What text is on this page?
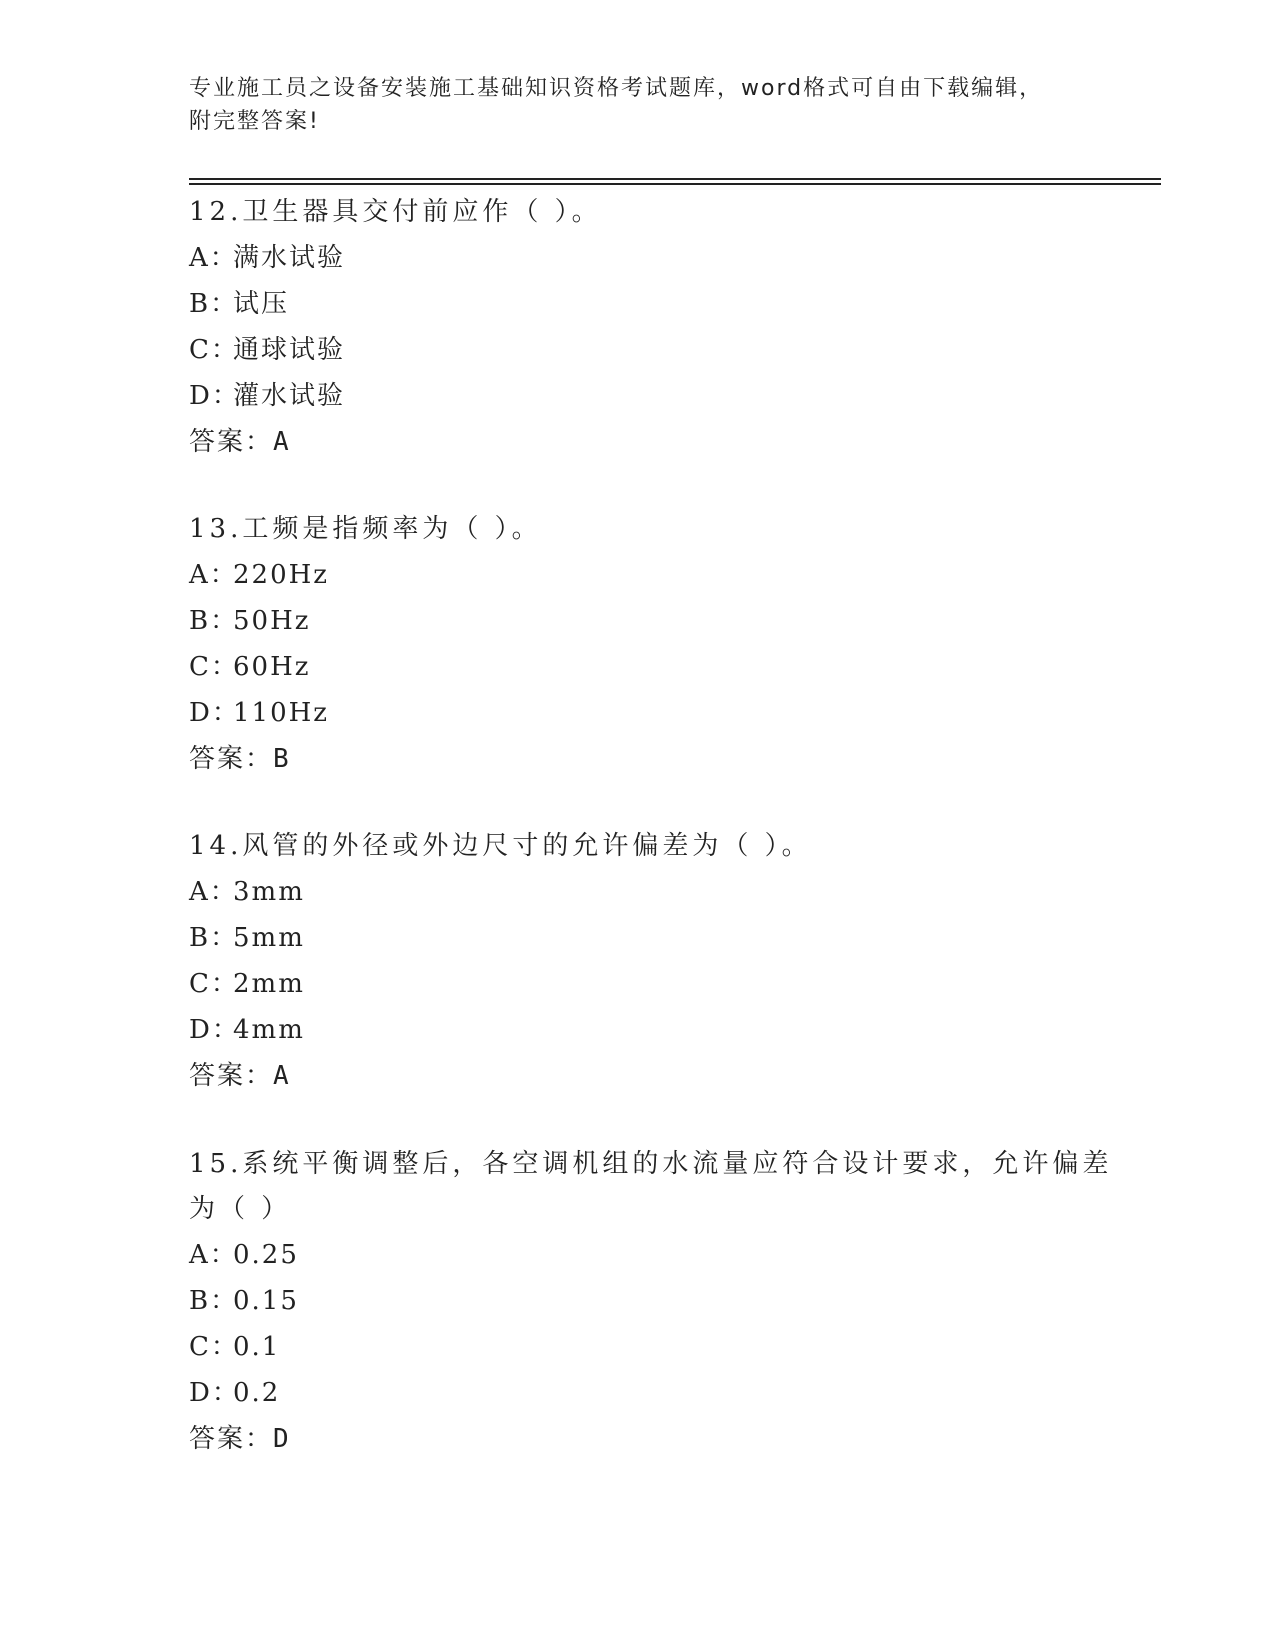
专业施工员之设备安装施工基础知识资格考试题库，word格式可自由下载编辑，
附完整答案!

12.卫生器具交付前应作（ ）。

A：满水试验

B：试压

C：通球试验

D：灌水试验

答案：A

13.工频是指频率为（ ）。

A：220Hz

B：50Hz

C：60Hz

D：110Hz

答案：B

14.风管的外径或外边尺寸的允许偏差为（ ）。

A：3mm

B：5mm

C：2mm

D：4mm

答案：A

15.系统平衡调整后，各空调机组的水流量应符合设计要求，允许偏差

为（ ）

A：0.25

B：0.15

C：0.1

D：0.2

答案：D
